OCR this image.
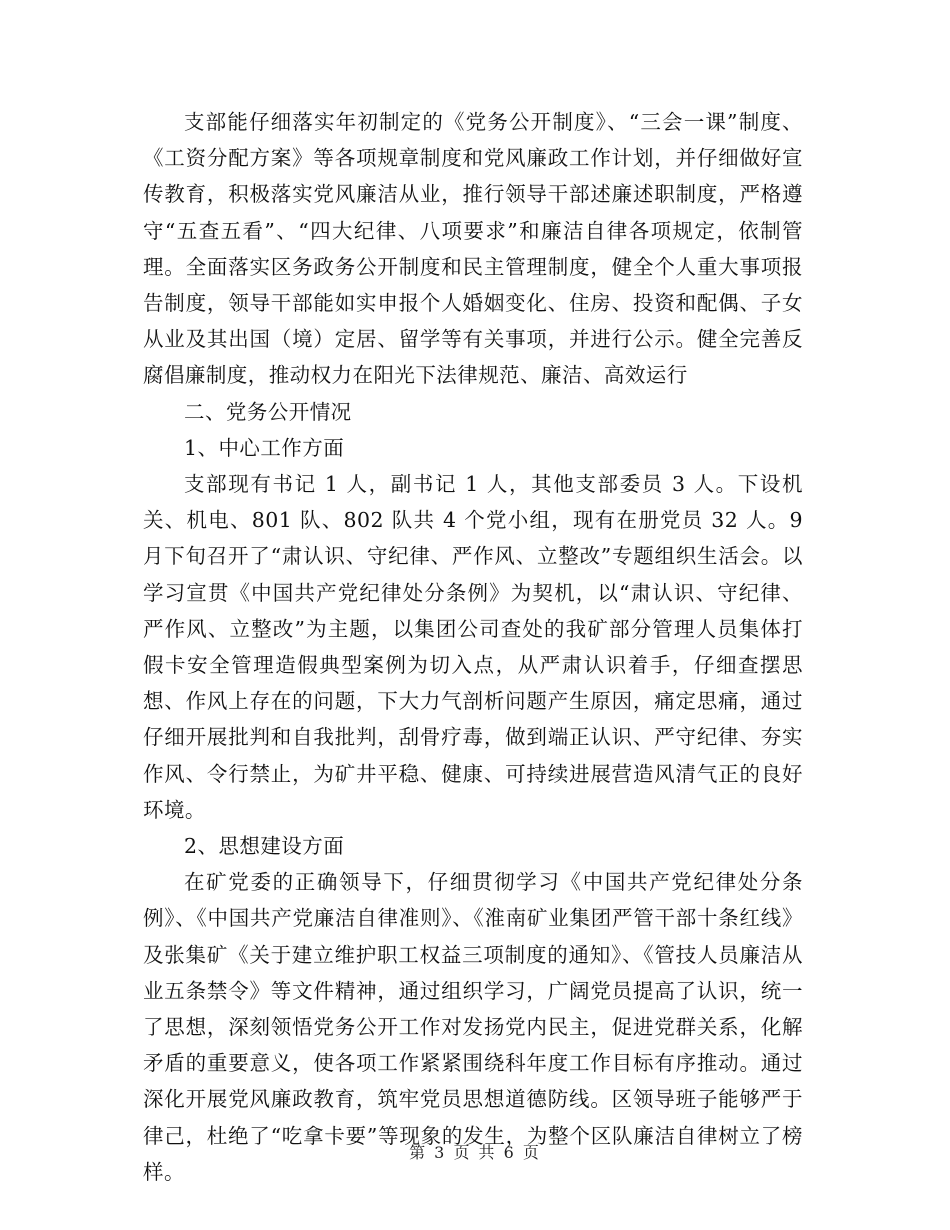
支部能仔细落实年初制定的《党务公开制度》、“三会一课”制度、《工资分配方案》等各项规章制度和党风廉政工作计划，并仔细做好宣传教育，积极落实党风廉洁从业，推行领导干部述廉述职制度，严格遵守“五查五看”、“四大纪律、八项要求”和廉洁自律各项规定，依制管理。全面落实区务政务公开制度和民主管理制度，健全个人重大事项报告制度，领导干部能如实申报个人婚姻变化、住房、投资和配偶、子女从业及其出国（境）定居、留学等有关事项，并进行公示。健全完善反腐倡廉制度，推动权力在阳光下法律规范、廉洁、高效运行

二、党务公开情况

1、中心工作方面

支部现有书记 1 人，副书记 1 人，其他支部委员 3 人。下设机关、机电、801 队、802 队共 4 个党小组，现有在册党员 32 人。9 月下旬召开了“肃认识、守纪律、严作风、立整改”专题组织生活会。以学习宣贯《中国共产党纪律处分条例》为契机，以“肃认识、守纪律、严作风、立整改”为主题，以集团公司查处的我矿部分管理人员集体打假卡安全管理造假典型案例为切入点，从严肃认识着手，仔细查摆思想、作风上存在的问题，下大力气剖析问题产生原因，痛定思痛，通过仔细开展批判和自我批判，刮骨疗毒，做到端正认识、严守纪律、夯实作风、令行禁止，为矿井平稳、健康、可持续进展营造风清气正的良好环境。

2、思想建设方面

在矿党委的正确领导下，仔细贯彻学习《中国共产党纪律处分条例》、《中国共产党廉洁自律准则》、《淮南矿业集团严管干部十条红线》及张集矿《关于建立维护职工权益三项制度的通知》、《管技人员廉洁从业五条禁令》等文件精神，通过组织学习，广阔党员提高了认识，统一了思想，深刻领悟党务公开工作对发扬党内民主，促进党群关系，化解矛盾的重要意义，使各项工作紧紧围绕科年度工作目标有序推动。通过深化开展党风廉政教育，筑牢党员思想道德防线。区领导班子能够严于律己，杜绝了“吃拿卡要”等现象的发生，为整个区队廉洁自律树立了榜样。

第 3 页 共 6 页
